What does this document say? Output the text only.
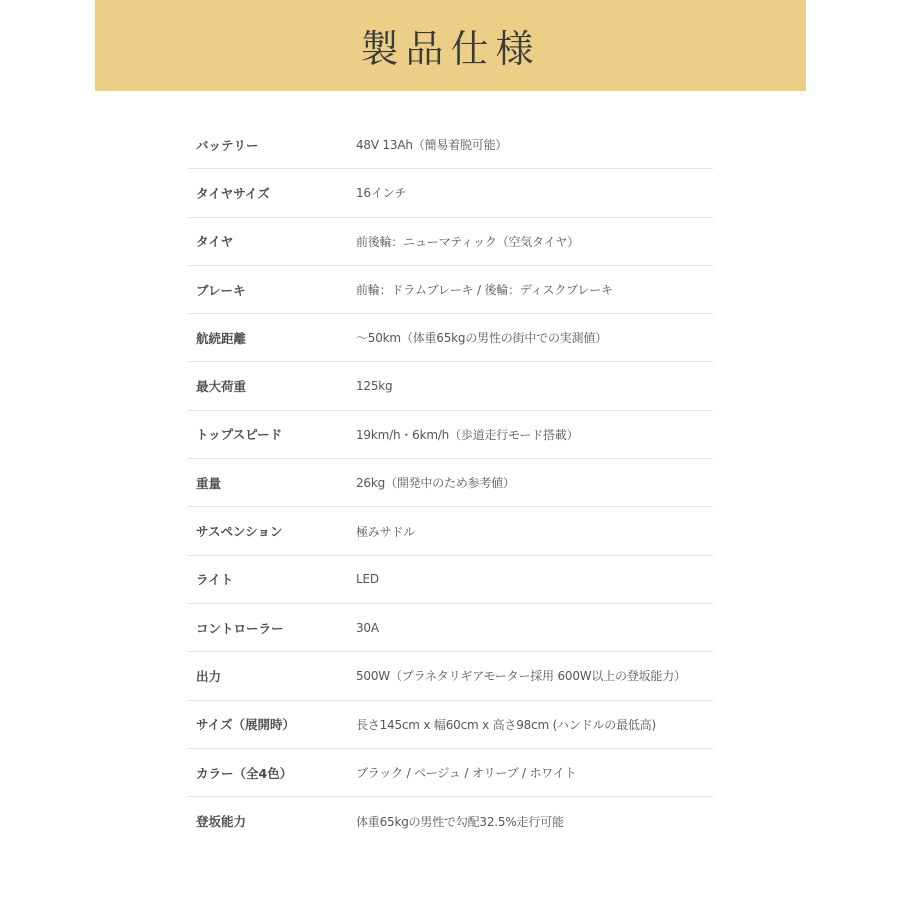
製品仕様
バッテリー	48V 13Ah（簡易着脱可能）
タイヤサイズ	16インチ
タイヤ	前後輪：ニューマティック（空気タイヤ）
ブレーキ	前輪：ドラムブレーキ / 後輪：ディスクブレーキ
航続距離	～50km（体重65kgの男性の街中での実測値）
最大荷重	125kg
トップスピード	19km/h・6km/h（歩道走行モード搭載）
重量	26kg（開発中のため参考値）
サスペンション	極みサドル
ライト	LED
コントローラー	30A
出力	500W（プラネタリギアモーター採用 600W以上の登坂能力）
サイズ（展開時）	長さ145cm x 幅60cm x 高さ98cm (ハンドルの最低高)
カラー（全4色）	ブラック / ベージュ / オリーブ / ホワイト
登坂能力	体重65kgの男性で勾配32.5%走行可能
